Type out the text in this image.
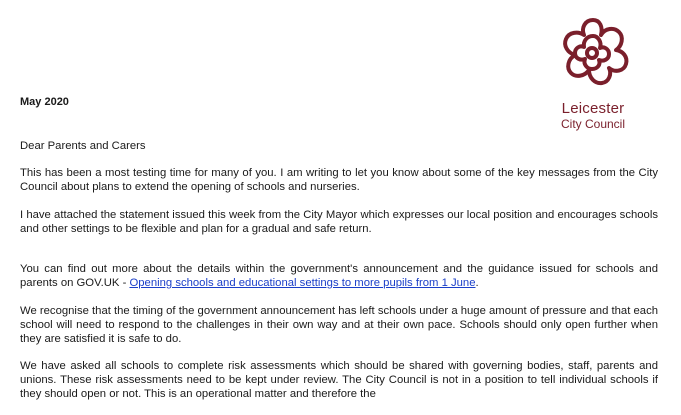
Leicester
City Council
May 2020

Dear Parents and Carers

This has been a most testing time for many of you. I am writing to let you know about some of the key messages from the City Council about plans to extend the opening of schools and nurseries.

I have attached the statement issued this week from the City Mayor which expresses our local position and encourages schools and other settings to be flexible and plan for a gradual and safe return.

You can find out more about the details within the government's announcement and the guidance issued for schools and parents on GOV.UK - Opening schools and educational settings to more pupils from 1 June.

We recognise that the timing of the government announcement has left schools under a huge amount of pressure and that each school will need to respond to the challenges in their own way and at their own pace. Schools should only open further when they are satisfied it is safe to do.

We have asked all schools to complete risk assessments which should be shared with governing bodies, staff, parents and unions. These risk assessments need to be kept under review. The City Council is not in a position to tell individual schools if they should open or not. This is an operational matter and therefore the
